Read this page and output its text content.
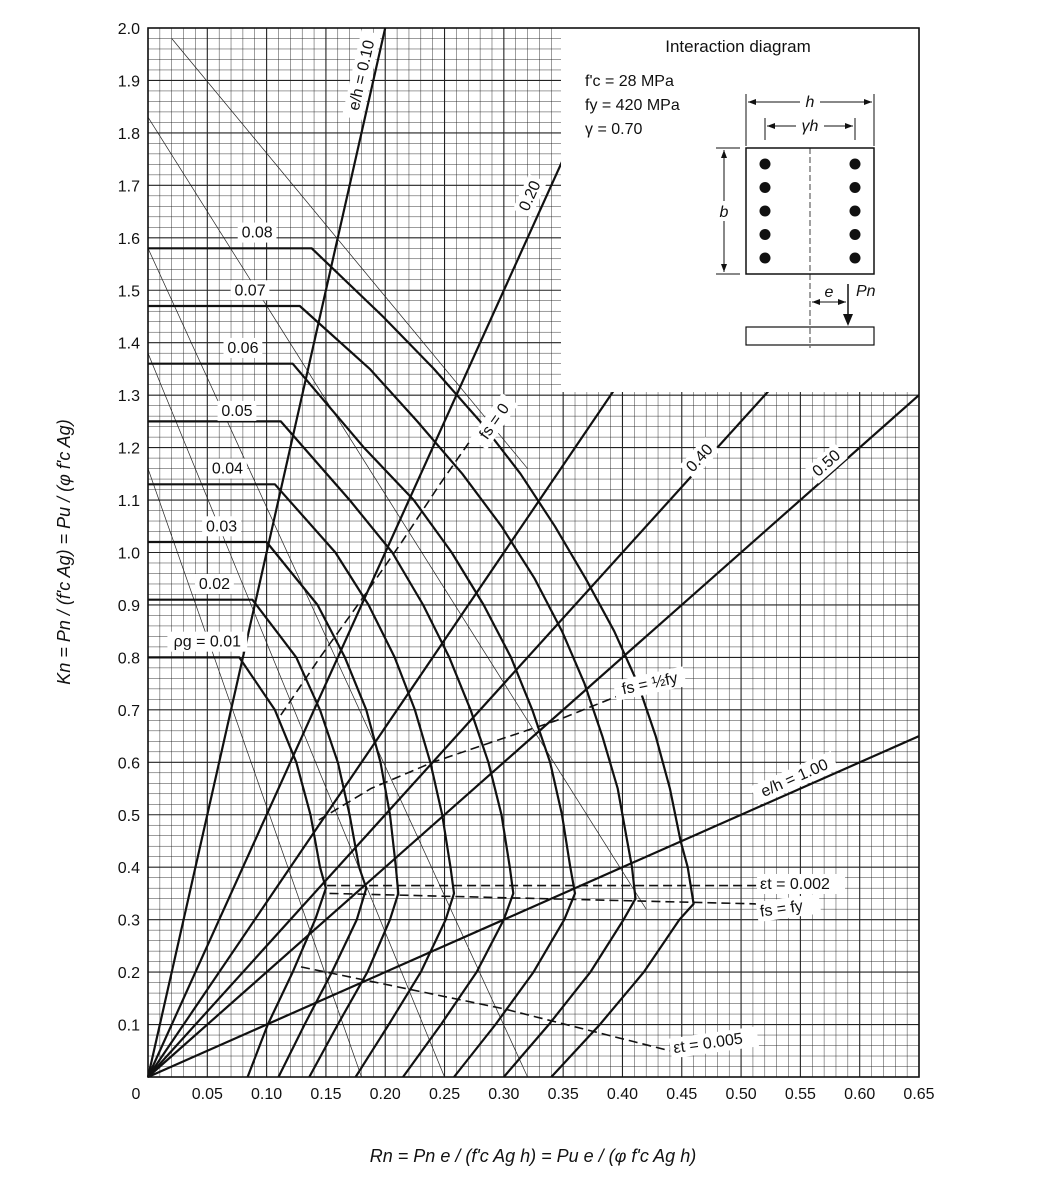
e/h = 0.10
0.20
0.40	0.50
e/h = 1.00
ρg = 0.01
0.02
0.03
0.04
0.05
0.06
0.07
0.08
fs = 0
fs = ½fy
εt = 0.002
fs = fy
εt = 0.005
Interaction diagram
f'c = 28 MPa
fy = 420 MPa
γ = 0.70
h
γh
b
e Pn
0	0.05 0.10 0.15 0.20 0.25 0.30 0.35 0.40 0.45 0.50 0.55 0.60 0.65
0.1
0.2
0.3
0.4
0.5
0.6
0.7
0.8
0.9
1.0
1.1
1.2
1.3
1.4
1.5
1.6
1.7
1.8
1.9
2.0
Rn = Pn e / (f'c Ag h) = Pu e / (φ f'c Ag h)
Kn = Pn / (f'c Ag) = Pu / (φ f'c Ag)
